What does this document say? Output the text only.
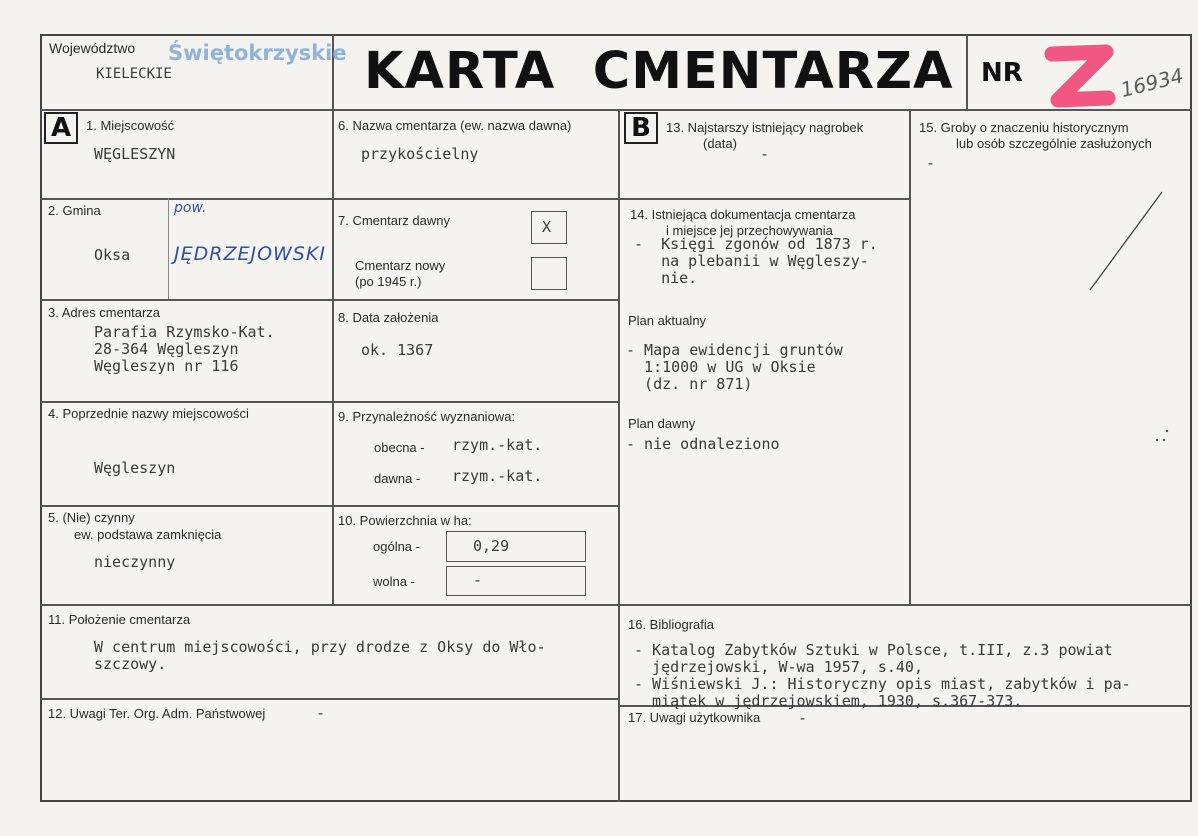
Województwo Świętokrzyskie
KIELECKIE	KARTA  CMENTARZA NR	16934
A	B
1. Miejscowość
WĘGLESZYN
2. Gmina
Oksa
pow.
JĘDRZEJOWSKI
3. Adres cmentarza
Parafia Rzymsko-Kat.
28-364 Węgleszyn
Węgleszyn nr 116
4. Poprzednie nazwy miejscowości
Węgleszyn
5. (Nie) czynny
ew. podstawa zamknięcia
nieczynny
6. Nazwa cmentarza (ew. nazwa dawna)
przykościelny
7. Cmentarz dawny	X
Cmentarz nowy
(po 1945 r.)
8. Data założenia
ok. 1367
9. Przynależność wyznaniowa:
obecna - rzym.-kat.
dawna - rzym.-kat.
10. Powierzchnia w ha:
ogólna -	0,29
wolna -	-
11. Położenie cmentarza
W centrum miejscowości, przy drodze z Oksy do Wło-
szczowy.
12. Uwagi Ter. Org. Adm. Państwowej	-
13. Najstarszy istniejący nagrobek
(data)
-
14. Istniejąca dokumentacja cmentarza
i miejsce jej przechowywania
-  Księgi zgonów od 1873 r.
na plebanii w Węgleszy-
nie.
Plan aktualny
- Mapa ewidencji gruntów
1:1000 w UG w Oksie
(dz. nr 871)
Plan dawny
- nie odnaleziono
15. Groby o znaczeniu historycznym
lub osób szczególnie zasłużonych
-
16. Bibliografia
- Katalog Zabytków Sztuki w Polsce, t.III, z.3 powiat
jędrzejowski, W-wa 1957, s.40,
- Wiśniewski J.: Historyczny opis miast, zabytków i pa-
miątek w jędrzejowskiem, 1930, s.367-373.
17. Uwagi użytkownika	-
